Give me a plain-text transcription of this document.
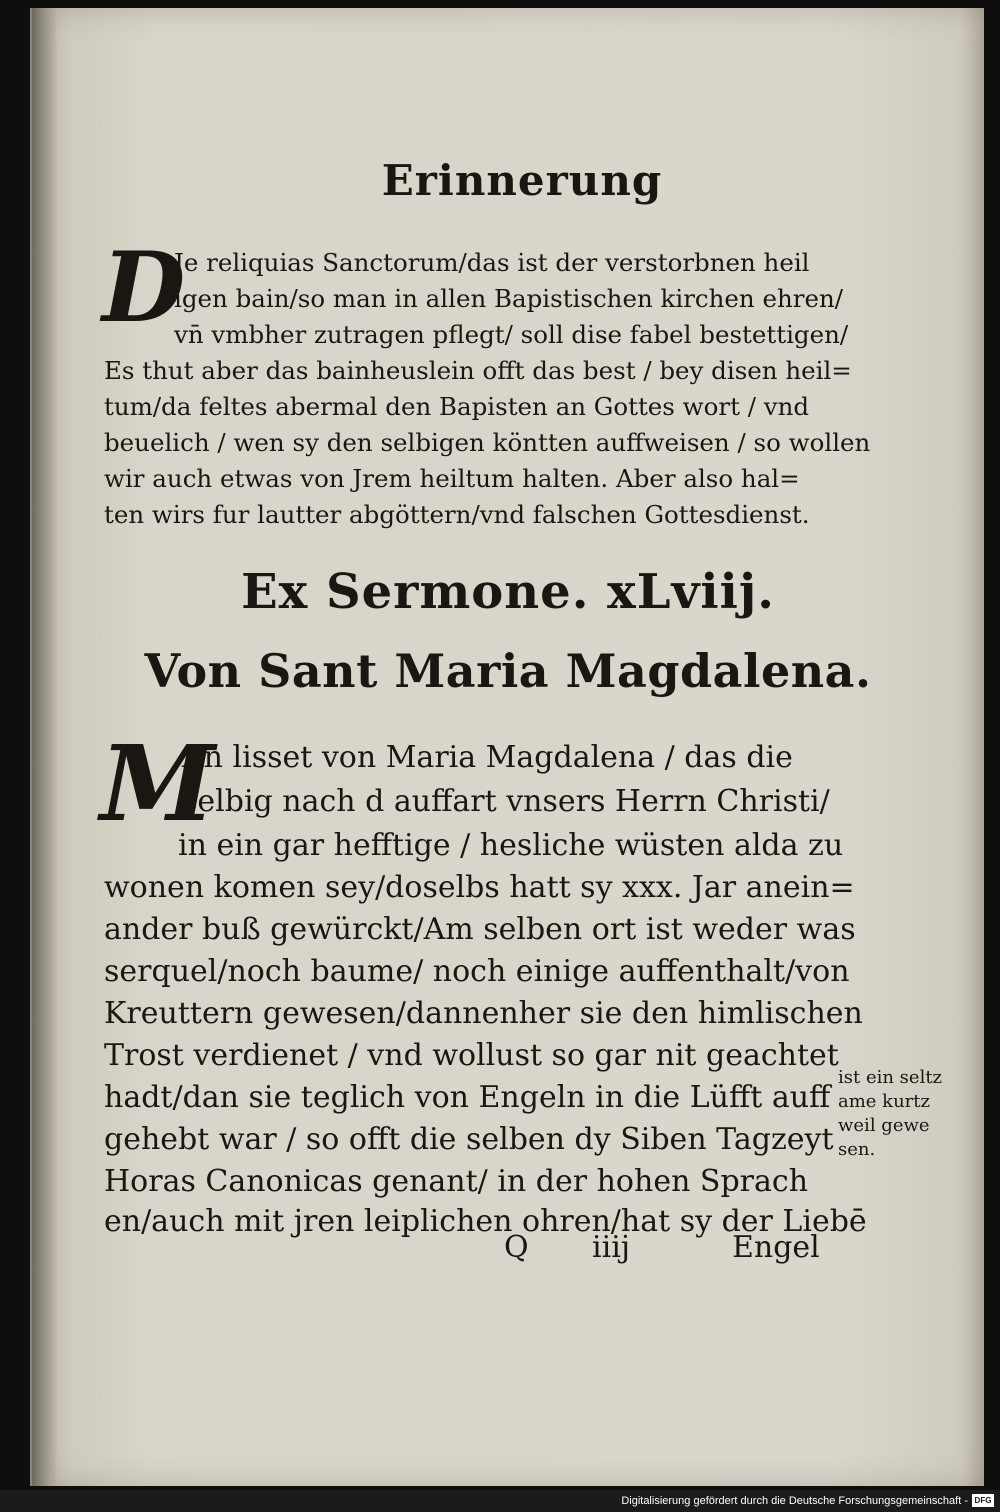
Erinnerung
D
Je reliquias Sanctorum/das ist der verstorbnen heil
igen bain/so man in allen Bapistischen kirchen ehren/
vn̄ vmbher zutragen pflegt/ soll dise fabel bestettigen/
Es thut aber das bainheuslein offt das best / bey disen heil=
tum/da feltes abermal den Bapisten an Gottes wort / vnd
beuelich / wen sy den selbigen köntten auffweisen / so wollen
wir auch etwas von Jrem heiltum halten. Aber also hal=
ten wirs fur lautter abgöttern/vnd falschen Gottesdienst.
Ex Sermone. xLviij.
Von Sant Maria Magdalena.
M
An lisset von Maria Magdalena / das die
selbig nach d auffart vnsers Herrn Christi/
in ein gar hefftige / hesliche wüsten alda zu
wonen komen sey/doselbs hatt sy xxx. Jar anein=
ander buß gewürckt/Am selben ort ist weder was
serquel/noch baume/ noch einige auffenthalt/von
Kreuttern gewesen/dannenher sie den himlischen
Trost verdienet / vnd wollust so gar nit geachtet
hadt/dan sie teglich von Engeln in die Lüfft auff
gehebt war / so offt die selben dy Siben Tagzeyt
Horas Canonicas genant/ in der hohen Sprach
en/auch mit jren leiplichen ohren/hat sy der Liebē
ist ein seltz
ame kurtz
weil gewe
sen.
Q iiij	Engel
Digitalisierung gefördert durch die Deutsche Forschungsgemeinschaft - DFG
